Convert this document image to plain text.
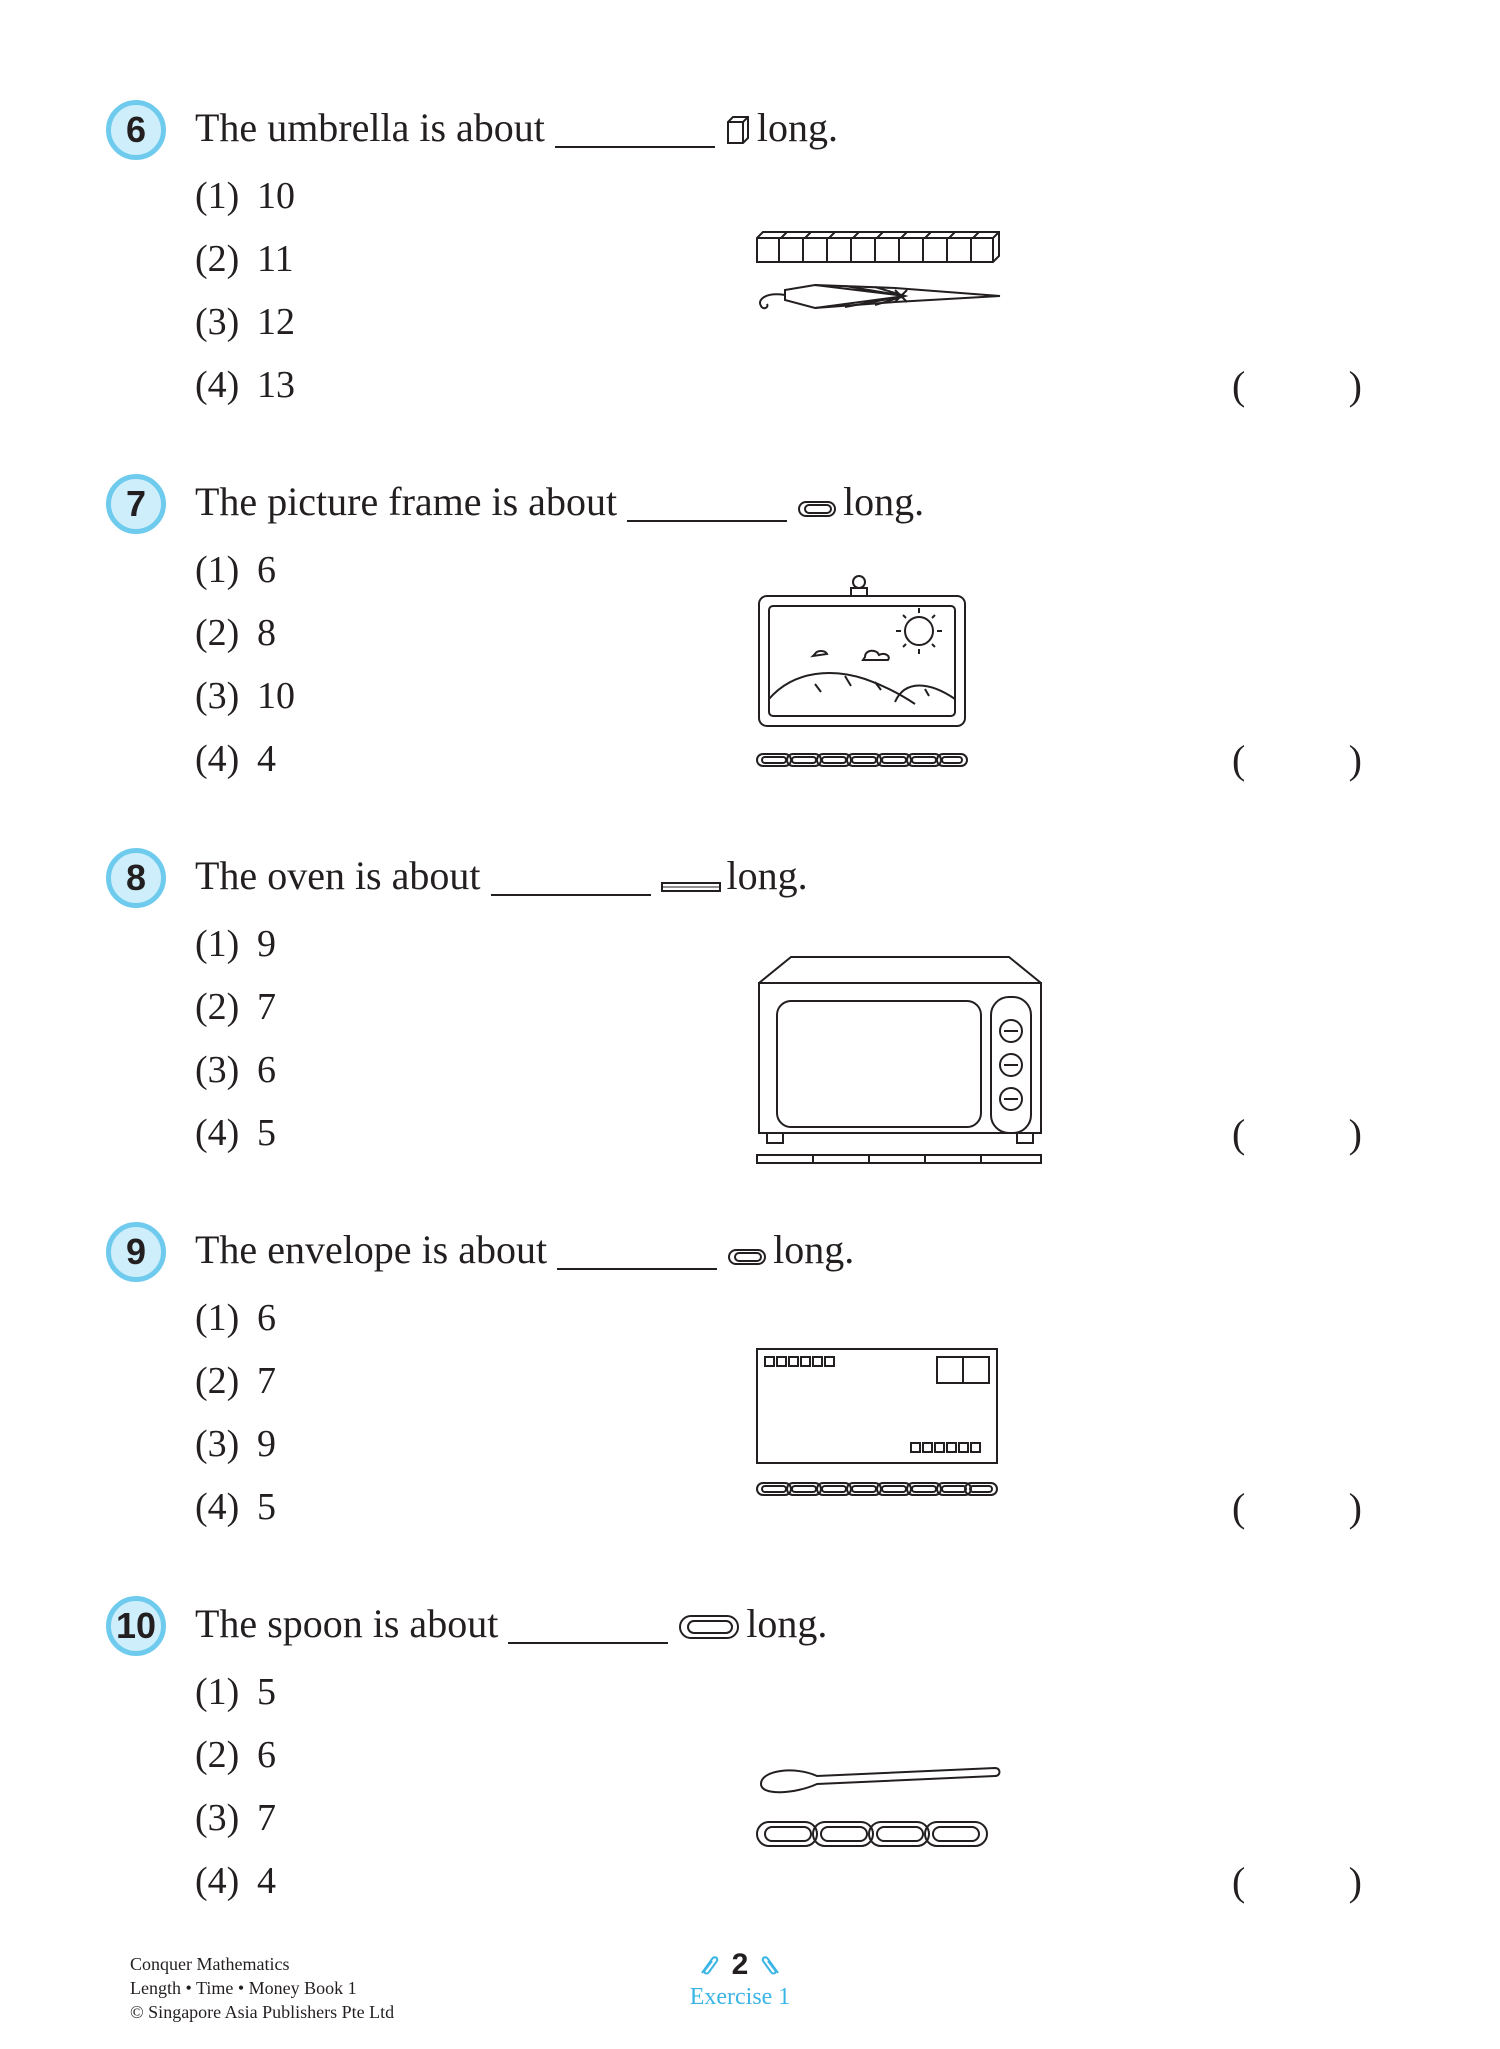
6	The umbrella is about	long.
(1) 10
(2) 11
(3) 12
(4) 13	(	)
7	The picture frame is about	long.
(1) 6
(2) 8
(3) 10
(4) 4	(	)
8	The oven is about	long.
(1) 9
(2) 7
(3) 6
(4) 5	(	)
9	The envelope is about	long.
(1) 6
(2) 7
(3) 9
(4) 5	(	)
10 The spoon is about	long.
(1) 5
(2) 6
(3) 7
(4) 4	(	)
Conquer Mathematics
Length • Time • Money Book 1
© Singapore Asia Publishers Pte Ltd
2
Exercise 1
